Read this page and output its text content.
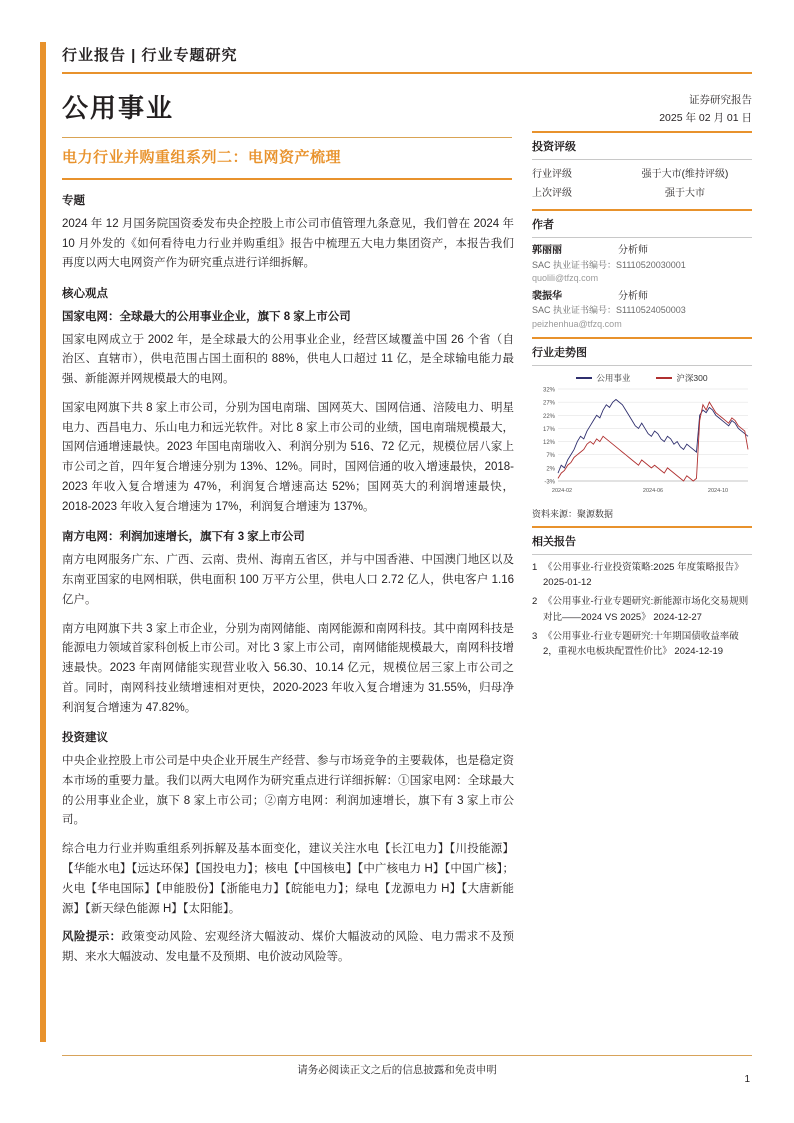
行业报告 | 行业专题研究
公用事业
电力行业并购重组系列二：电网资产梳理
专题

2024 年 12 月国务院国资委发布央企控股上市公司市值管理九条意见，我们曾在 2024 年 10 月外发的《如何看待电力行业并购重组》报告中梳理五大电力集团资产，本报告我们再度以两大电网资产作为研究重点进行详细拆解。

核心观点
国家电网：全球最大的公用事业企业，旗下 8 家上市公司

国家电网成立于 2002 年，是全球最大的公用事业企业，经营区域覆盖中国 26 个省（自治区、直辖市），供电范围占国土面积的 88%，供电人口超过 11 亿，是全球输电能力最强、新能源并网规模最大的电网。

国家电网旗下共 8 家上市公司，分别为国电南瑞、国网英大、国网信通、涪陵电力、明星电力、西昌电力、乐山电力和远光软件。对比 8 家上市公司的业绩，国电南瑞规模最大，国网信通增速最快。2023 年国电南瑞收入、利润分别为 516、72 亿元，规模位居八家上市公司之首，四年复合增速分别为 13%、12%。同时，国网信通的收入增速最快，2018-2023 年收入复合增速为 47%，利润复合增速高达 52%；国网英大的利润增速最快，2018-2023 年收入复合增速为 17%，利润复合增速为 137%。

南方电网：利润加速增长，旗下有 3 家上市公司

南方电网服务广东、广西、云南、贵州、海南五省区，并与中国香港、中国澳门地区以及东南亚国家的电网相联，供电面积 100 万平方公里，供电人口 2.72 亿人，供电客户 1.16 亿户。

南方电网旗下共 3 家上市企业，分别为南网储能、南网能源和南网科技。其中南网科技是能源电力领域首家科创板上市公司。对比 3 家上市公司，南网储能规模最大，南网科技增速最快。2023 年南网储能实现营业收入 56.30、10.14 亿元，规模位居三家上市公司之首。同时，南网科技业绩增速相对更快，2020-2023 年收入复合增速为 31.55%，归母净利润复合增速为 47.82%。

投资建议

中央企业控股上市公司是中央企业开展生产经营、参与市场竞争的主要载体，也是稳定资本市场的重要力量。我们以两大电网作为研究重点进行详细拆解：①国家电网：全球最大的公用事业企业，旗下 8 家上市公司；②南方电网：利润加速增长，旗下有 3 家上市公司。

综合电力行业并购重组系列拆解及基本面变化，建议关注水电【长江电力】【川投能源】【华能水电】【远达环保】【国投电力】；核电【中国核电】【中广核电力 H】【中国广核】；火电【华电国际】【申能股份】【浙能电力】【皖能电力】；绿电【龙源电力 H】【大唐新能源】【新天绿色能源 H】【太阳能】。

风险提示：政策变动风险、宏观经济大幅波动、煤价大幅波动的风险、电力需求不及预期、来水大幅波动、发电量不及预期、电价波动风险等。

证券研究报告
2025 年 02 月 01 日
投资评级
行业评级	强于大市(维持评级)
上次评级	强于大市
作者
郭丽丽	分析师
SAC 执业证书编号：S1110520030001
quolili@tfzq.com
裴振华	分析师
SAC 执业证书编号：S1110524050003
peizhenhua@tfzq.com
行业走势图
公用事业	沪深300
32%
27%
22%
17%
12%
7%
2%
-3%
2024-02	2024-06	2024-10
资料来源：聚源数据
相关报告
1 《公用事业-行业投资策略:2025 年度策略报告》 2025-01-12
2 《公用事业-行业专题研究:新能源市场化交易规则对比——2024 VS 2025》 2024-12-27
3 《公用事业-行业专题研究:十年期国债收益率破 2，重视水电板块配置性价比》 2024-12-19
请务必阅读正文之后的信息披露和免责申明
1
